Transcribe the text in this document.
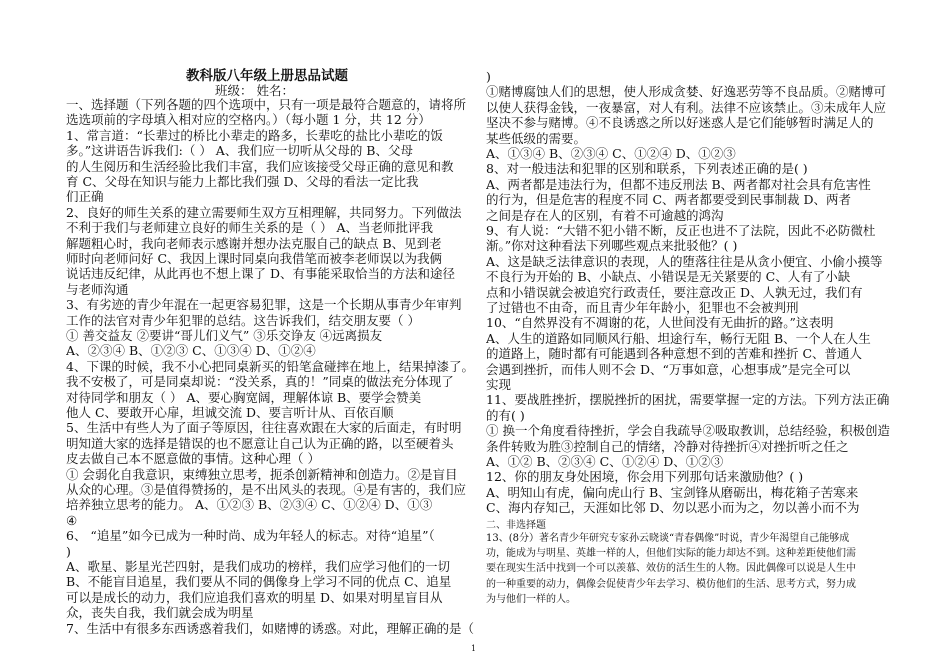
教科版八年级上册思品试题
班级： 姓名：
一、选择题（下列各题的四个选项中，只有一项是最符合题意的，请将所
选选项前的字母填入相对应的空格内。）（每小题 1 分，共 12 分）
1、常言道：“长辈过的桥比小辈走的路多，长辈吃的盐比小辈吃的饭
多。”这讲语告诉我们:（ ） A、我们应一切听从父母的 B、父母
的人生阅历和生活经验比我们丰富，我们应该接受父母正确的意见和教
育 C、父母在知识与能力上都比我们强 D、父母的看法一定比我
们正确
2、良好的师生关系的建立需要师生双方互相理解，共同努力。下列做法
不利于我们与老师建立良好的师生关系的是（ ） A、当老师批评我
解题粗心时，我向老师表示感谢并想办法克服自己的缺点 B、见到老
师时向老师问好 C、我因上课时同桌向我借笔而被李老师误以为我俩
说话违反纪律，从此再也不想上课了 D、有事能采取恰当的方法和途径
与老师沟通
3、有劣迹的青少年混在一起更容易犯罪，这是一个长期从事青少年审判
工作的法官对青少年犯罪的总结。这告诉我们，结交朋友要（ ）
① 善交益友 ②要讲“哥儿们义气” ③乐交诤友 ④远离损友
A、②③④ B、①②③ C、①③④ D、①②④
4、下课的时候，我不小心把同桌新买的铅笔盒碰摔在地上，结果掉漆了。
我不安极了，可是同桌却说：“没关系，真的！”同桌的做法充分体现了
对待同学和朋友（ ） A、要心胸宽阔，理解体谅 B、要学会赞美
他人 C、要敢开心扉，坦诚交流 D、要言听计从、百依百顺
5、生活中有些人为了面子等原因，往往喜欢跟在大家的后面走，有时明
明知道大家的选择是错误的也不愿意让自己认为正确的路，以至硬着头
皮去做自己本不愿意做的事情。这种心理（ ）
① 会弱化自我意识，束缚独立思考，扼杀创新精神和创造力。②是盲目
从众的心理。③是值得赞扬的，是不出风头的表现。④是有害的，我们应
培养独立思考的能力。 A、①②③ B、②③④ C、①②④ D、①③
④
6、 “追星”如今已成为一种时尚、成为年轻人的标志。对待“追星”（
)
A、歌星、影星光芒四射，是我们成功的榜样，我们应学习他们的一切
B、不能盲目追星，我们要从不同的偶像身上学习不同的优点 C、追星
可以是成长的动力，我们应追我们喜欢的明星 D、如果对明星盲目从
众，丧失自我，我们就会成为明星
7、生活中有很多东西诱惑着我们，如赌博的诱惑。对此，理解正确的是（
)
①赌博腐蚀人们的思想，使人形成贪婪、好逸恶劳等不良品质。②赌博可
以使人获得金钱，一夜暴富，对人有利。法律不应该禁止。③未成年人应
坚决不参与赌博。④不良诱惑之所以好迷惑人是它们能够暂时满足人的
某些低级的需要。
A、①③④ B、②③④ C、①②④ D、①②③
8、对一般违法和犯罪的区别和联系，下列表述正确的是( )
A、两者都是违法行为，但都不违反刑法 B、两者都对社会具有危害性
的行为，但是危害的程度不同 C、两者都要受到民事制裁 D、两者
之间是存在人的区别，有着不可逾越的鸿沟
9、有人说：“大错不犯小错不断，反正也进不了法院，因此不必防微杜
渐。”你对这种看法下列哪些观点来批驳他？( )
A、这是缺乏法律意识的表现，人的堕落往往是从贪小便宜、小偷小摸等
不良行为开始的 B、小缺点、小错误是无关紧要的 C、人有了小缺
点和小错误就会被追究行政责任，要注意改正 D、人孰无过，我们有
了过错也不由奇，而且青少年年龄小，犯罪也不会被判刑
10、“自然界没有不凋谢的花，人世间没有无曲折的路。”这表明
A、人生的道路如同顺风行船、坦途行车，畅行无阻 B、一个人在人生
的道路上，随时都有可能遇到各种意想不到的苦难和挫折 C、普通人
会遇到挫折，而伟人则不会 D、“万事如意，心想事成”是完全可以
实现
11、要战胜挫折，摆脱挫折的困扰，需要掌握一定的方法。下列方法正确
的有( )
① 换一个角度看待挫折，学会自我疏导②吸取教训，总结经验，积极创造
条件转败为胜③控制自己的情绪，冷静对待挫折④对挫折听之任之
A、①② B、②③④ C、①②④ D、①②③
12、你的朋友身处困境，你会用下列那句话来激励他？( )
A、明知山有虎，偏向虎山行 B、宝剑锋从磨砺出，梅花箱子苦寒来
C、海内存知己，天涯如比邻 D、勿以恶小而为之，勿以善小而不为
二、非选择题
13、(8分）著名青少年研究专家孙云晓谈“青春偶像”时说，青少年渴望自己能够成
功，能成为与明星、英雄一样的人，但他们实际的能力却达不到。这种差距使他们需
要在现实生活中找到一个可以羡慕、效仿的活生生的人物。因此偶像可以说是人生中
的一种重要的动力，偶像会促使青少年去学习、模仿他们的生活、思考方式，努力成
为与他们一样的人。
1
